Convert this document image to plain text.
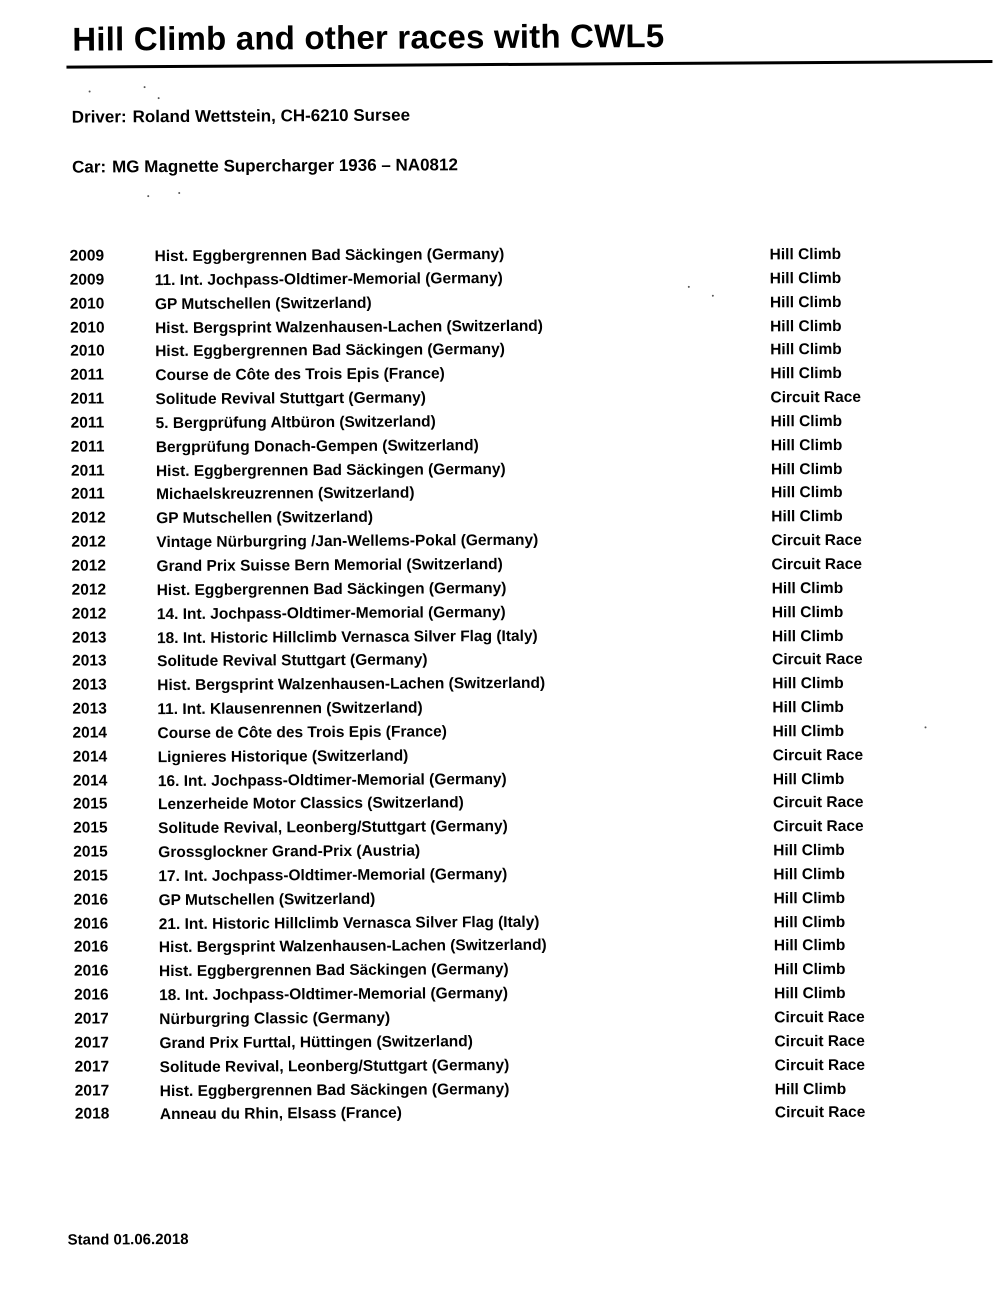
Hill Climb and other races with CWL5
Driver: Roland Wettstein, CH-6210 Sursee
Car: MG Magnette Supercharger 1936 – NA0812
2009	Hist. Eggbergrennen Bad Säckingen (Germany)	Hill Climb
2009	11. Int. Jochpass-Oldtimer-Memorial (Germany)	Hill Climb
2010	GP Mutschellen (Switzerland)	Hill Climb
2010	Hist. Bergsprint Walzenhausen-Lachen (Switzerland)	Hill Climb
2010	Hist. Eggbergrennen Bad Säckingen (Germany)	Hill Climb
2011	Course de Côte des Trois Epis (France)	Hill Climb
2011	Solitude Revival Stuttgart (Germany)	Circuit Race
2011	5. Bergprüfung Altbüron (Switzerland)	Hill Climb
2011	Bergprüfung Donach-Gempen (Switzerland)	Hill Climb
2011	Hist. Eggbergrennen Bad Säckingen (Germany)	Hill Climb
2011	Michaelskreuzrennen (Switzerland)	Hill Climb
2012	GP Mutschellen (Switzerland)	Hill Climb
2012	Vintage Nürburgring /Jan-Wellems-Pokal (Germany)	Circuit Race
2012	Grand Prix Suisse Bern Memorial (Switzerland)	Circuit Race
2012	Hist. Eggbergrennen Bad Säckingen (Germany)	Hill Climb
2012	14. Int. Jochpass-Oldtimer-Memorial (Germany)	Hill Climb
2013	18. Int. Historic Hillclimb Vernasca Silver Flag (Italy)	Hill Climb
2013	Solitude Revival Stuttgart (Germany)	Circuit Race
2013	Hist. Bergsprint Walzenhausen-Lachen (Switzerland)	Hill Climb
2013	11. Int. Klausenrennen (Switzerland)	Hill Climb
2014	Course de Côte des Trois Epis (France)	Hill Climb
2014	Lignieres Historique (Switzerland)	Circuit Race
2014	16. Int. Jochpass-Oldtimer-Memorial (Germany)	Hill Climb
2015	Lenzerheide Motor Classics (Switzerland)	Circuit Race
2015	Solitude Revival, Leonberg/Stuttgart (Germany)	Circuit Race
2015	Grossglockner Grand-Prix (Austria)	Hill Climb
2015	17. Int. Jochpass-Oldtimer-Memorial (Germany)	Hill Climb
2016	GP Mutschellen (Switzerland)	Hill Climb
2016	21. Int. Historic Hillclimb Vernasca Silver Flag (Italy)	Hill Climb
2016	Hist. Bergsprint Walzenhausen-Lachen (Switzerland)	Hill Climb
2016	Hist. Eggbergrennen Bad Säckingen (Germany)	Hill Climb
2016	18. Int. Jochpass-Oldtimer-Memorial (Germany)	Hill Climb
2017	Nürburgring Classic (Germany)	Circuit Race
2017	Grand Prix Furttal, Hüttingen (Switzerland)	Circuit Race
2017	Solitude Revival, Leonberg/Stuttgart (Germany)	Circuit Race
2017	Hist. Eggbergrennen Bad Säckingen (Germany)	Hill Climb
2018	Anneau du Rhin, Elsass (France)	Circuit Race
Stand 01.06.2018
